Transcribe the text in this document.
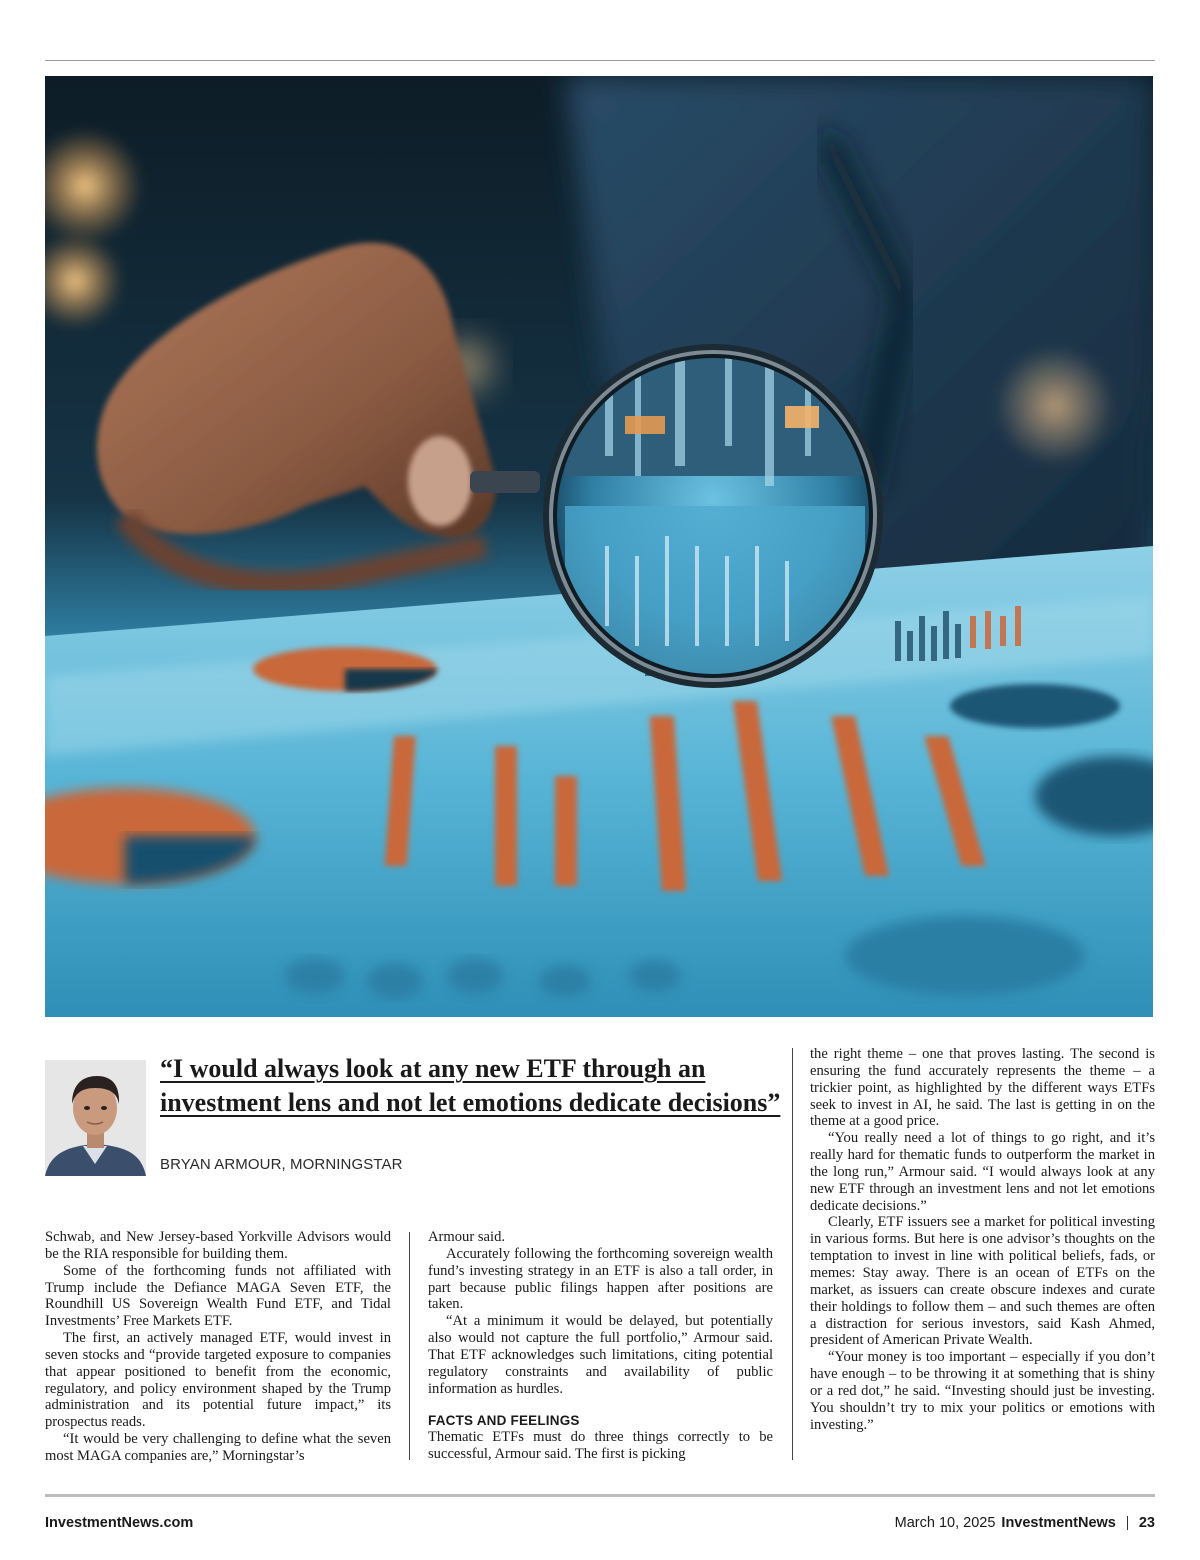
“I would always look at any new ETF through an investment lens and not let emotions dedicate decisions”
BRYAN ARMOUR, MORNINGSTAR

Schwab, and New Jersey-based Yorkville Advisors would be the RIA responsible for building them.

Some of the forthcoming funds not affiliated with Trump include the Defiance MAGA Seven ETF, the Roundhill US Sovereign Wealth Fund ETF, and Tidal Investments’ Free Markets ETF.

The first, an actively managed ETF, would invest in seven stocks and “provide targeted exposure to companies that appear positioned to benefit from the economic, regulatory, and policy environment shaped by the Trump administration and its potential future impact,” its prospectus reads.

“It would be very challenging to define what the seven most MAGA companies are,” Morningstar’s

Armour said.

Accurately following the forthcoming sovereign wealth fund’s investing strategy in an ETF is also a tall order, in part because public filings happen after positions are taken.

“At a minimum it would be delayed, but potentially also would not capture the full portfolio,” Armour said. That ETF acknowledges such limitations, citing potential regulatory constraints and availability of public information as hurdles.

FACTS AND FEELINGS

Thematic ETFs must do three things correctly to be successful, Armour said. The first is picking

the right theme – one that proves lasting. The second is ensuring the fund accurately represents the theme – a trickier point, as highlighted by the different ways ETFs seek to invest in AI, he said. The last is getting in on the theme at a good price.

“You really need a lot of things to go right, and it’s really hard for thematic funds to outperform the market in the long run,” Armour said. “I would always look at any new ETF through an investment lens and not let emotions dedicate decisions.”

Clearly, ETF issuers see a market for political investing in various forms. But here is one advisor’s thoughts on the temptation to invest in line with political beliefs, fads, or memes: Stay away. There is an ocean of ETFs on the market, as issuers can create obscure indexes and curate their holdings to follow them – and such themes are often a distraction for serious investors, said Kash Ahmed, president of American Private Wealth.

“Your money is too important – especially if you don’t have enough – to be throwing it at something that is shiny or a red dot,” he said. “Investing should just be investing. You shouldn’t try to mix your politics or emotions with investing.”

InvestmentNews.com	March 10, 2025 InvestmentNews 23
